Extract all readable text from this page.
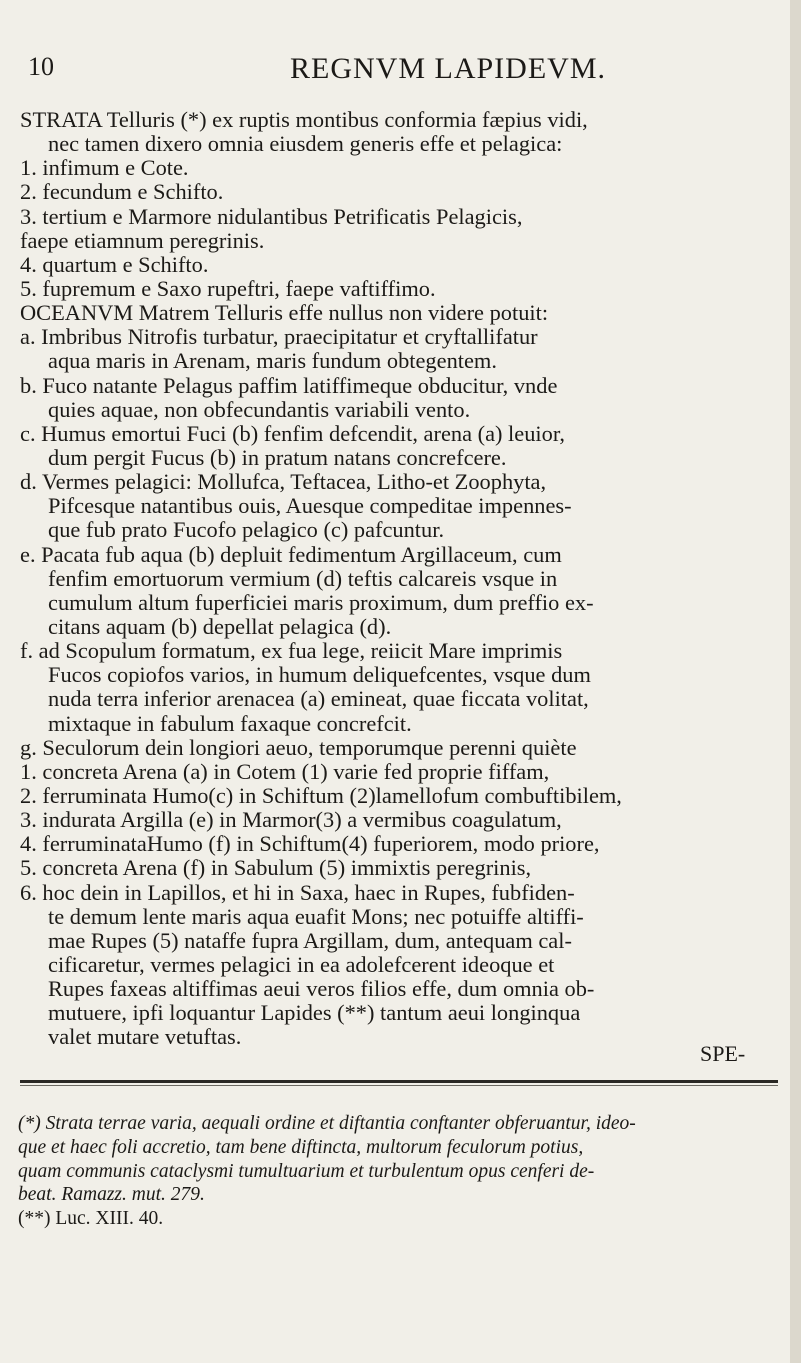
10	REGNVM LAPIDEVM.
STRATA Telluris (*) ex ruptis montibus conformia fæpius vidi,
nec tamen dixero omnia eiusdem generis effe et pelagica:
1. infimum e Cote.
2. fecundum e Schifto.
3. tertium e Marmore nidulantibus Petrificatis Pelagicis,
faepe etiamnum peregrinis.
4. quartum e Schifto.
5. fupremum e Saxo rupeftri, faepe vaftiffimo.
OCEANVM Matrem Telluris effe nullus non videre potuit:
a. Imbribus Nitrofis turbatur, praecipitatur et cryftallifatur
aqua maris in Arenam, maris fundum obtegentem.
b. Fuco natante Pelagus paffim latiffimeque obducitur, vnde
quies aquae, non obfecundantis variabili vento.
c. Humus emortui Fuci (b) fenfim defcendit, arena (a) leuior,
dum pergit Fucus (b) in pratum natans concrefcere.
d. Vermes pelagici: Mollufca, Teftacea, Litho-et Zoophyta,
Pifcesque natantibus ouis, Auesque compeditae impennes-
que fub prato Fucofo pelagico (c) pafcuntur.
e. Pacata fub aqua (b) depluit fedimentum Argillaceum, cum
fenfim emortuorum vermium (d) teftis calcareis vsque in
cumulum altum fuperficiei maris proximum, dum preffio ex-
citans aquam (b) depellat pelagica (d).
f. ad Scopulum formatum, ex fua lege, reiicit Mare imprimis
Fucos copiofos varios, in humum deliquefcentes, vsque dum
nuda terra inferior arenacea (a) emineat, quae ficcata volitat,
mixtaque in fabulum faxaque concrefcit.
g. Seculorum dein longiori aeuo, temporumque perenni quiète
1. concreta Arena (a) in Cotem (1) varie fed proprie fiffam,
2. ferruminata Humo(c) in Schiftum (2)lamellofum combuftibilem,
3. indurata Argilla (e) in Marmor(3) a vermibus coagulatum,
4. ferruminataHumo (f) in Schiftum(4) fuperiorem, modo priore,
5. concreta Arena (f) in Sabulum (5) immixtis peregrinis,
6. hoc dein in Lapillos, et hi in Saxa, haec in Rupes, fubfiden-
te demum lente maris aqua euafit Mons; nec potuiffe altiffi-
mae Rupes (5) nataffe fupra Argillam, dum, antequam cal-
cificaretur, vermes pelagici in ea adolefcerent ideoque et
Rupes faxeas altiffimas aeui veros filios effe, dum omnia ob-
mutuere, ipfi loquantur Lapides (**) tantum aeui longinqua
valet mutare vetuftas.
SPE-
(*) Strata terrae varia, aequali ordine et diftantia conftanter obferuantur, ideo-
que et haec foli accretio, tam bene diftincta, multorum feculorum potius,
quam communis cataclysmi tumultuarium et turbulentum opus cenferi de-
beat. Ramazz. mut. 279.
(**) Luc. XIII. 40.
